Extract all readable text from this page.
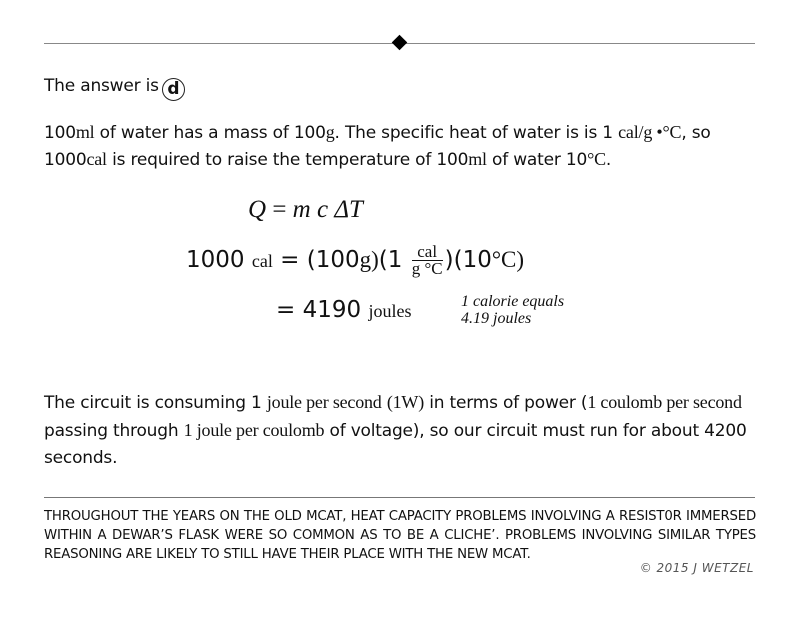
The answer is d
100ml of water has a mass of 100g. The specific heat of water is is 1 cal/g •°C, so
1000cal is required to raise the temperature of 100ml of water 10°C.
Q = m c ΔT
1000 cal = $(100g)(1 \frac{\text{cal}}{g ^\circ C} )(10^\circ C)$
= 4190 joules	1 calorie equals
4.19 joules
The circuit is consuming 1 joule per second (1W) in terms of power (1 coulomb per second passing through 1 joule per coulomb of voltage), so our circuit must run for about 4200 seconds.
THROUGHOUT THE YEARS ON THE OLD MCAT, HEAT CAPACITY PROBLEMS INVOLVING A RESIST0R IMMERSED WITHIN A DEWAR’S FLASK WERE SO COMMON AS TO BE A CLICHE’. PROBLEMS INVOLVING SIMILAR TYPES REASONING ARE LIKELY TO STILL HAVE THEIR PLACE WITH THE NEW MCAT.
© 2015 J WETZEL
